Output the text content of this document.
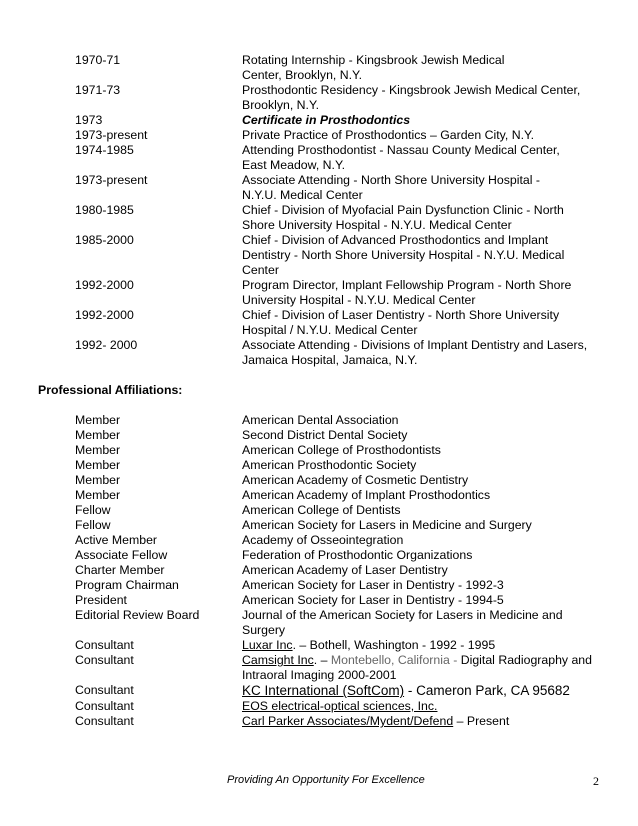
1970-71	Rotating Internship - Kingsbrook Jewish Medical
Center, Brooklyn, N.Y.
1971-73	Prosthodontic Residency - Kingsbrook Jewish Medical Center,
Brooklyn, N.Y.
1973	Certificate in Prosthodontics
1973-present	Private Practice of Prosthodontics – Garden City, N.Y.
1974-1985	Attending Prosthodontist - Nassau County Medical Center,
East Meadow, N.Y.
1973-present	Associate Attending - North Shore University Hospital -
N.Y.U. Medical Center
1980-1985	Chief - Division of Myofacial Pain Dysfunction Clinic - North
Shore University Hospital - N.Y.U. Medical Center
1985-2000	Chief - Division of Advanced Prosthodontics and Implant
Dentistry - North Shore University Hospital - N.Y.U. Medical
Center
1992-2000	Program Director, Implant Fellowship Program - North Shore
University Hospital - N.Y.U. Medical Center
1992-2000	Chief - Division of Laser Dentistry - North Shore University
Hospital / N.Y.U. Medical Center
1992- 2000	Associate Attending - Divisions of Implant Dentistry and Lasers,
Jamaica Hospital, Jamaica, N.Y.
Professional Affiliations:
Member	American Dental Association
Member	Second District Dental Society
Member	American College of Prosthodontists
Member	American Prosthodontic Society
Member	American Academy of Cosmetic Dentistry
Member	American Academy of Implant Prosthodontics
Fellow	American College of Dentists
Fellow	American Society for Lasers in Medicine and Surgery
Active Member	Academy of Osseointegration
Associate Fellow	Federation of Prosthodontic Organizations
Charter Member	American Academy of Laser Dentistry
Program Chairman	American Society for Laser in Dentistry - 1992-3
President	American Society for Laser in Dentistry - 1994-5
Editorial Review Board	Journal of the American Society for Lasers in Medicine and
Surgery
Consultant	Luxar Inc. – Bothell, Washington - 1992 - 1995
Consultant	Camsight Inc. – Montebello, California - Digital Radiography and
Intraoral Imaging 2000-2001
Consultant	KC International (SoftCom) - Cameron Park, CA 95682
Consultant	EOS electrical-optical sciences, Inc.
Consultant	Carl Parker Associates/Mydent/Defend – Present
Providing An Opportunity For Excellence	2
